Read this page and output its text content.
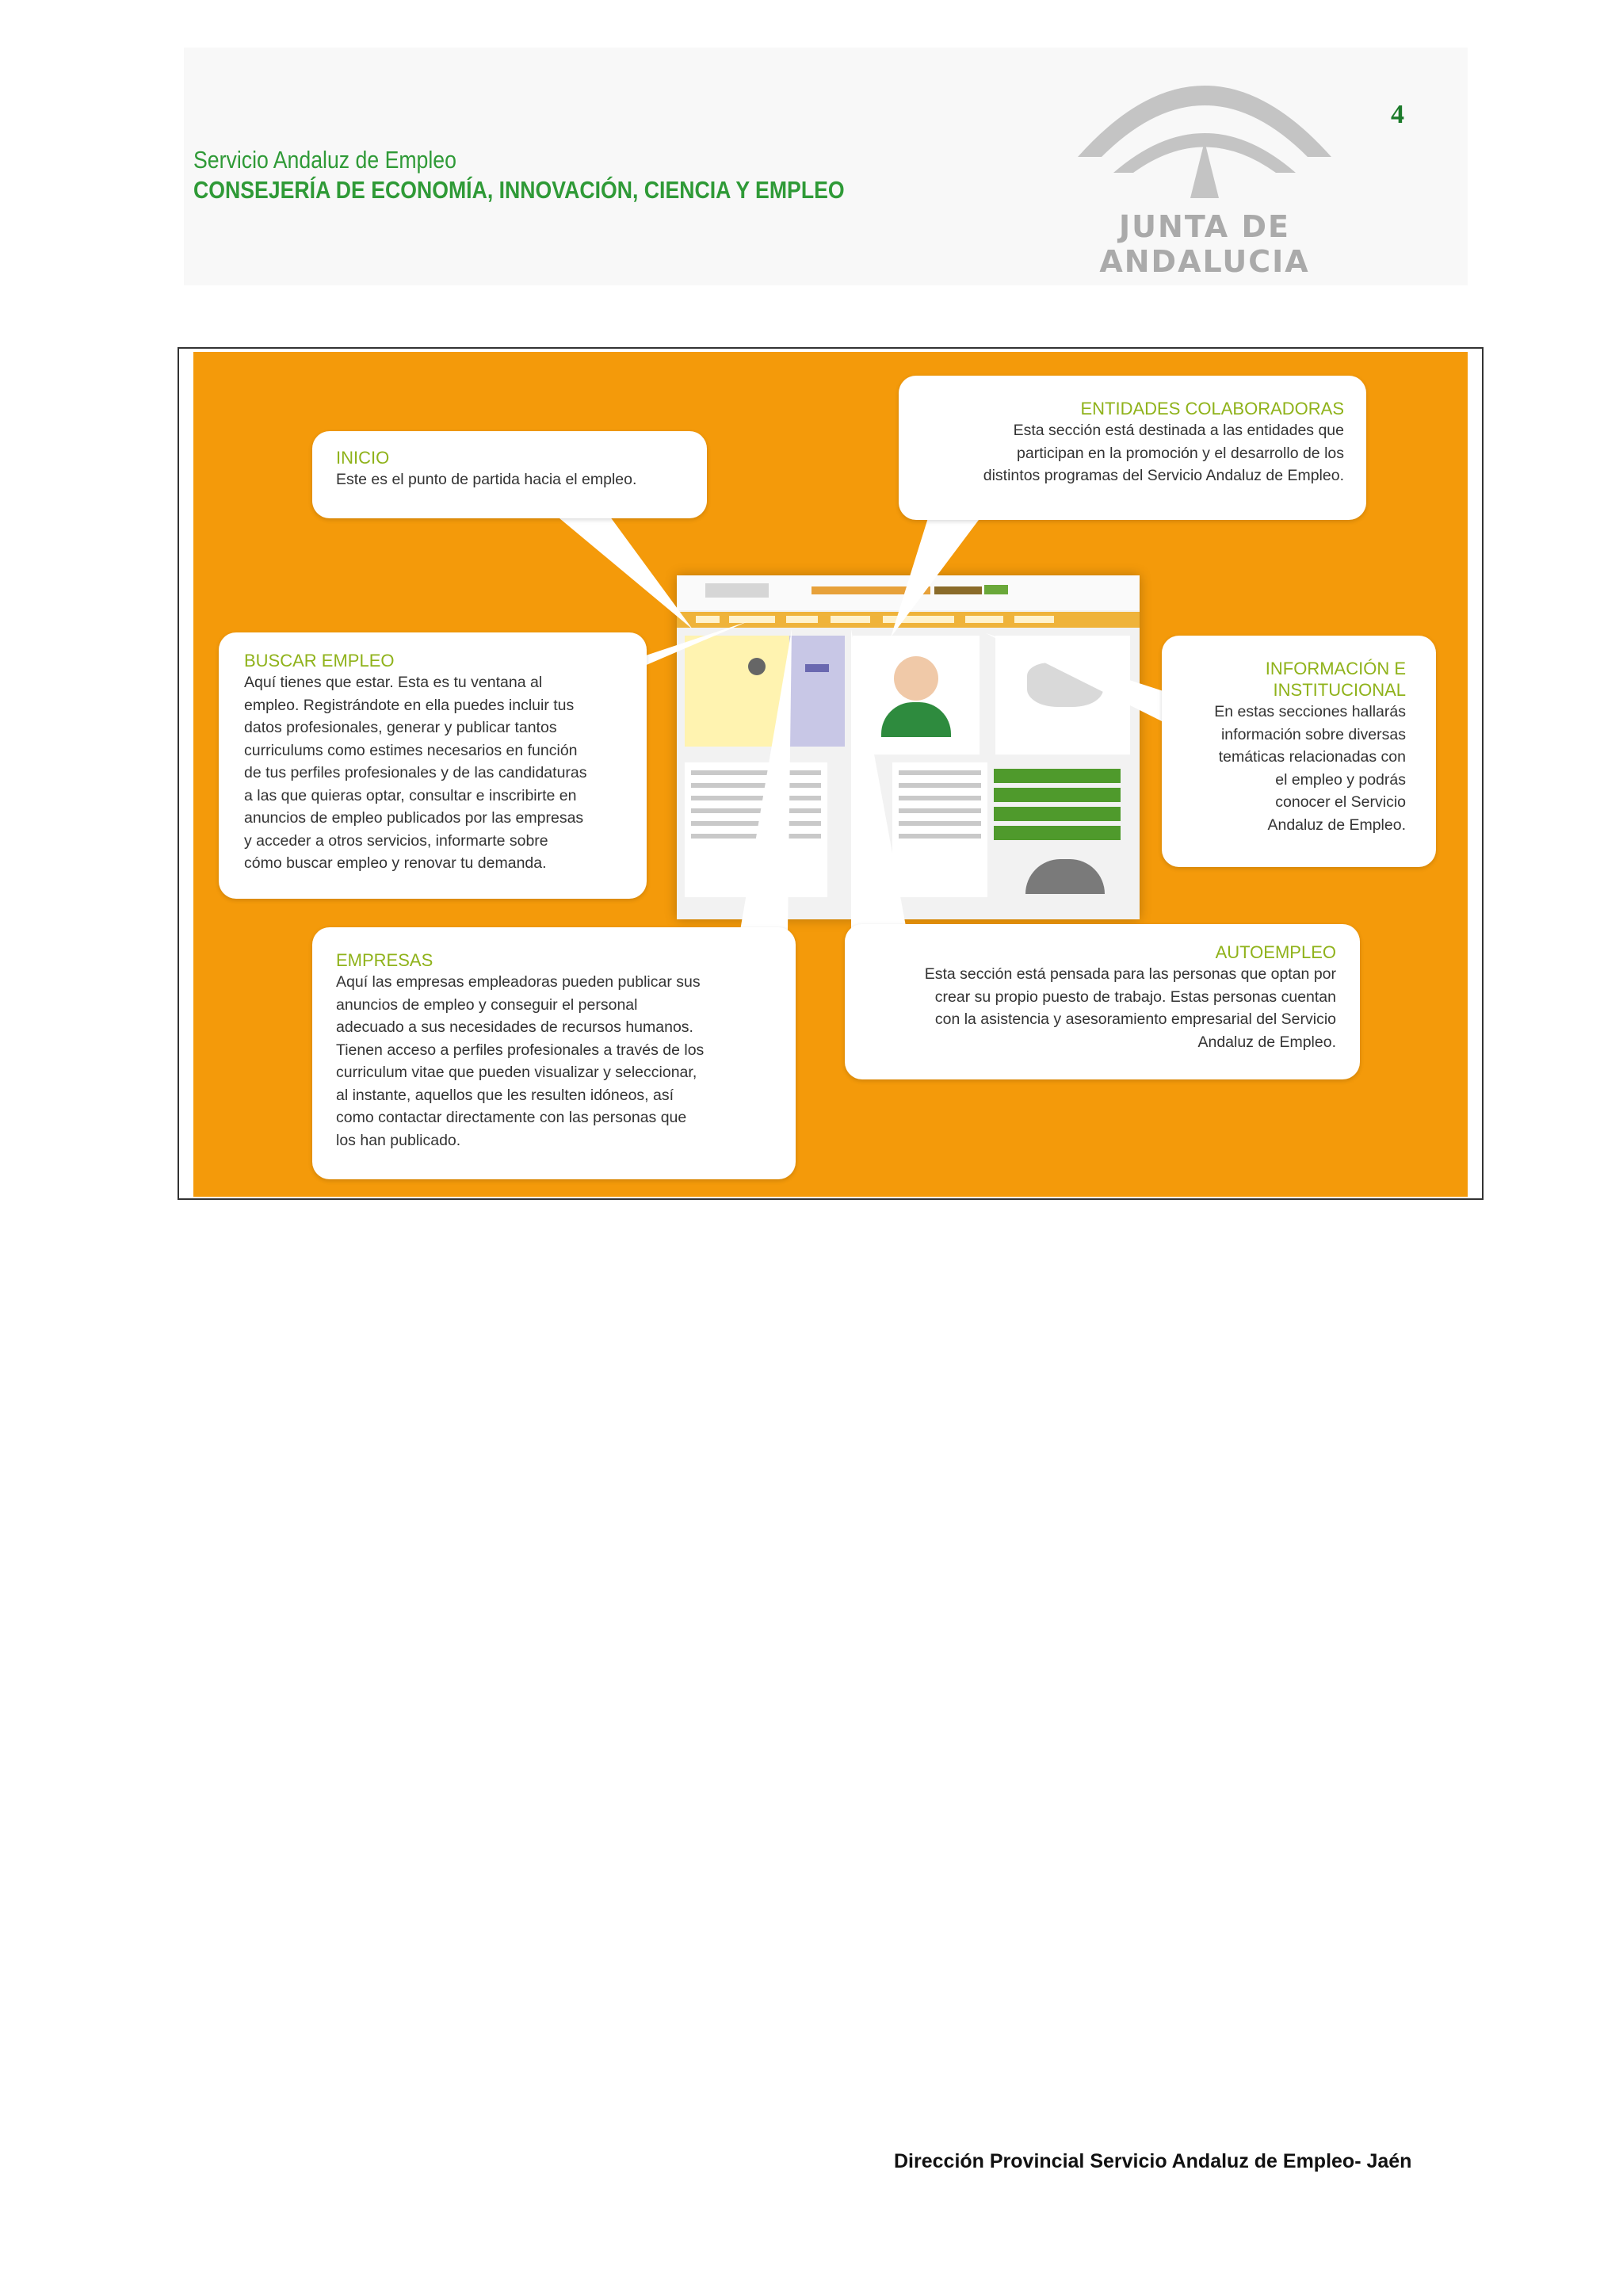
4
Servicio Andaluz de Empleo
CONSEJERÍA DE ECONOMÍA, INNOVACIÓN, CIENCIA Y EMPLEO
JUNTA DE ANDALUCIA
INICIO
Este es el punto de partida hacia el empleo.
ENTIDADES COLABORADORAS
Esta sección está destinada a las entidades que
participan en la promoción y el desarrollo de los
distintos programas del Servicio Andaluz de Empleo.
BUSCAR EMPLEO
Aquí tienes que estar. Esta es tu ventana al
empleo. Registrándote en ella puedes incluir tus
datos profesionales, generar y publicar tantos
curriculums como estimes necesarios en función
de tus perfiles profesionales y de las candidaturas
a las que quieras optar, consultar e inscribirte en
anuncios de empleo publicados por las empresas
y acceder a otros servicios, informarte sobre
cómo buscar empleo y renovar tu demanda.
INFORMACIÓN E
INSTITUCIONAL
En estas secciones hallarás
información sobre diversas
temáticas relacionadas con
el empleo y podrás
conocer el Servicio
Andaluz de Empleo.
EMPRESAS
Aquí las empresas empleadoras pueden publicar sus
anuncios de empleo y conseguir el personal
adecuado a sus necesidades de recursos humanos.
Tienen acceso a perfiles profesionales a través de los
curriculum vitae que pueden visualizar y seleccionar,
al instante, aquellos que les resulten idóneos, así
como contactar directamente con las personas que
los han publicado.
AUTOEMPLEO
Esta sección está pensada para las personas que optan por
crear su propio puesto de trabajo. Estas personas cuentan
con la asistencia y asesoramiento empresarial del Servicio
Andaluz de Empleo.
Dirección Provincial Servicio Andaluz de Empleo- Jaén
